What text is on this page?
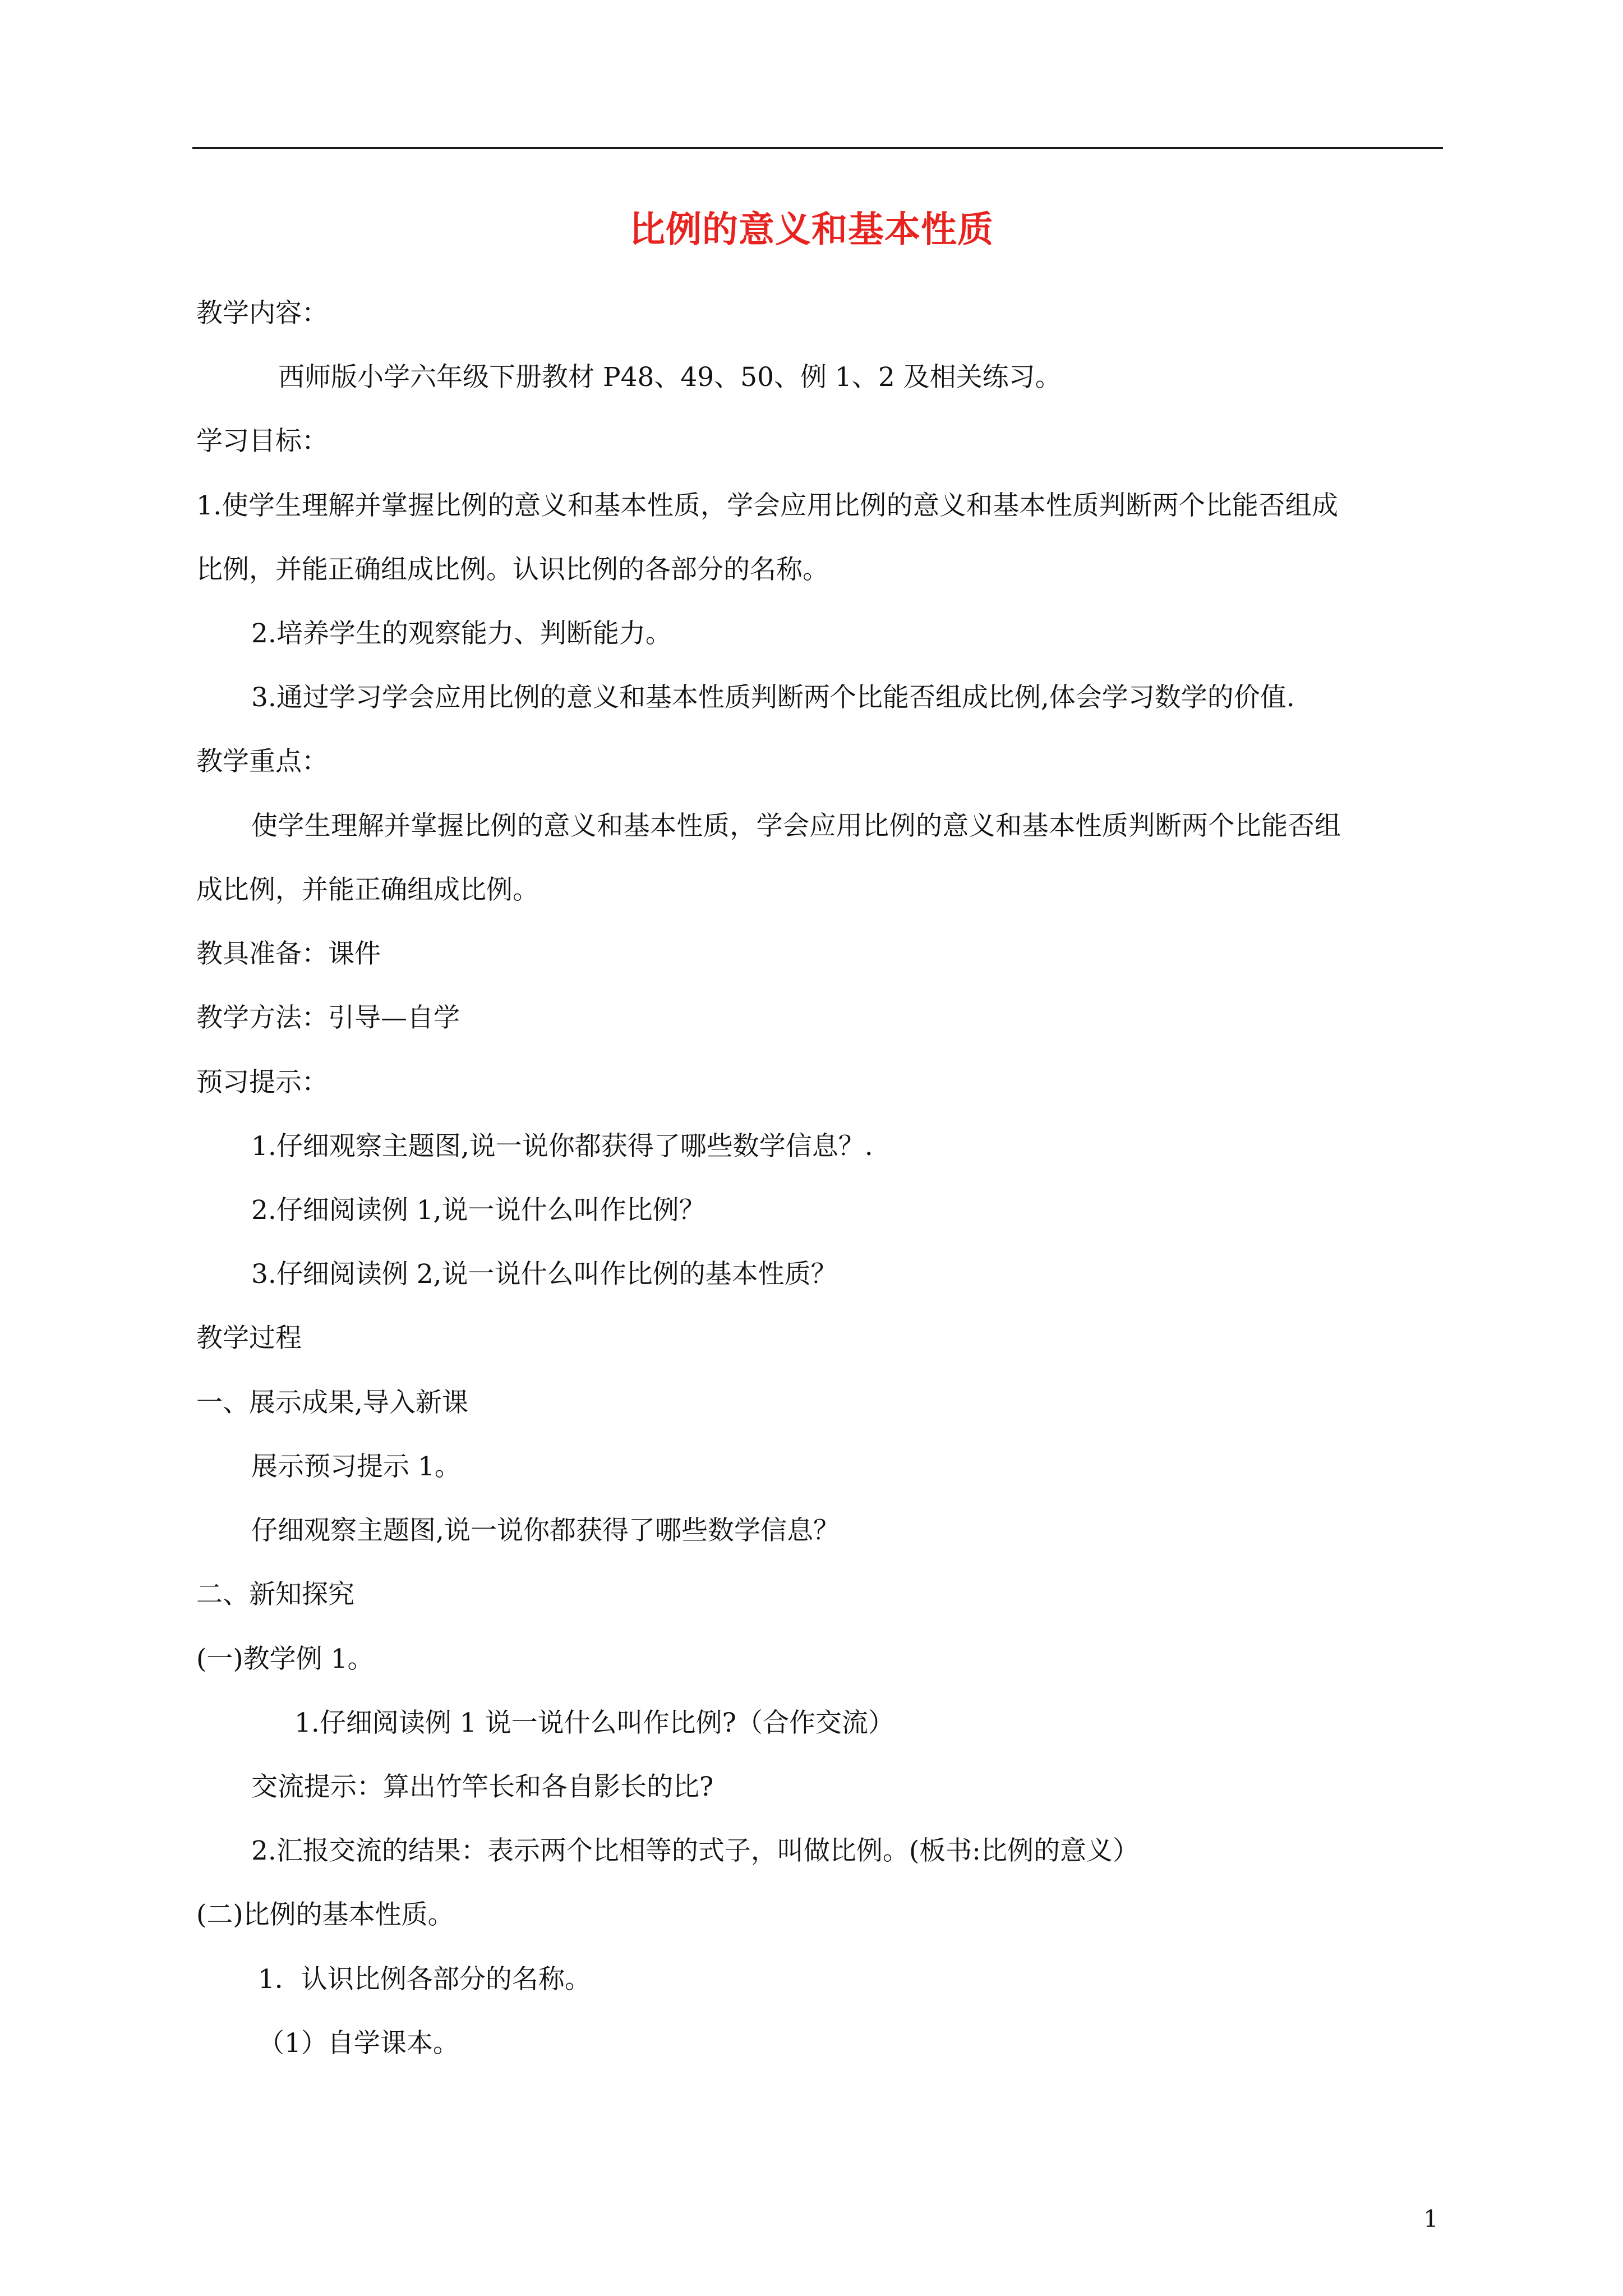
比例的意义和基本性质
教学内容：
西师版小学六年级下册教材 P48、49、50、例 1、2 及相关练习。
学习目标：
1.使学生理解并掌握比例的意义和基本性质，学会应用比例的意义和基本性质判断两个比能否组成
比例，并能正确组成比例。认识比例的各部分的名称。
2.培养学生的观察能力、判断能力。
3.通过学习学会应用比例的意义和基本性质判断两个比能否组成比例,体会学习数学的价值.
教学重点：
使学生理解并掌握比例的意义和基本性质，学会应用比例的意义和基本性质判断两个比能否组
成比例，并能正确组成比例。
教具准备：课件
教学方法：引导—自学
预习提示：
1.仔细观察主题图,说一说你都获得了哪些数学信息？.
2.仔细阅读例 1,说一说什么叫作比例？
3.仔细阅读例 2,说一说什么叫作比例的基本性质？
教学过程
一、展示成果,导入新课
展示预习提示 1。
仔细观察主题图,说一说你都获得了哪些数学信息？
二、新知探究
(一)教学例 1。
1.仔细阅读例 1 说一说什么叫作比例?（合作交流）
交流提示：算出竹竿长和各自影长的比?
2.汇报交流的结果：表示两个比相等的式子，叫做比例。(板书:比例的意义）
(二)比例的基本性质。
1．认识比例各部分的名称。
（1）自学课本。
1
